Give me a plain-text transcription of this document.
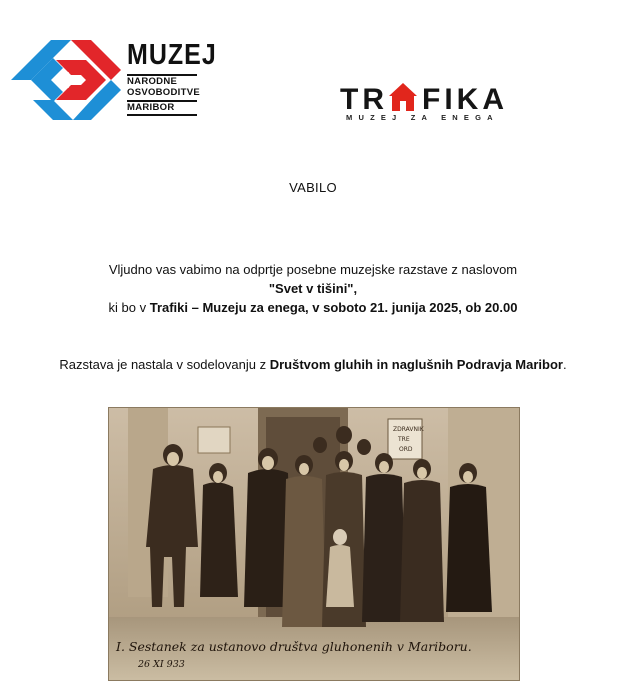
MUZEJ
NARODNE
OSVOBODITVE
MARIBOR	TR FIKA
MUZEJ ZA ENEGA
VABILO
Vljudno vas vabimo na odprtje posebne muzejske razstave z naslovom
"Svet v tišini",
ki bo v Trafiki – Muzeju za enega, v soboto 21. junija 2025, ob 20.00
Razstava je nastala v sodelovanju z Društvom gluhih in naglušnih Podravja Maribor.
ZDRAVNIK
TRE
ORD
I. Sestanek za ustanovo društva gluhonenih v Mariboru.
26 XI 933
